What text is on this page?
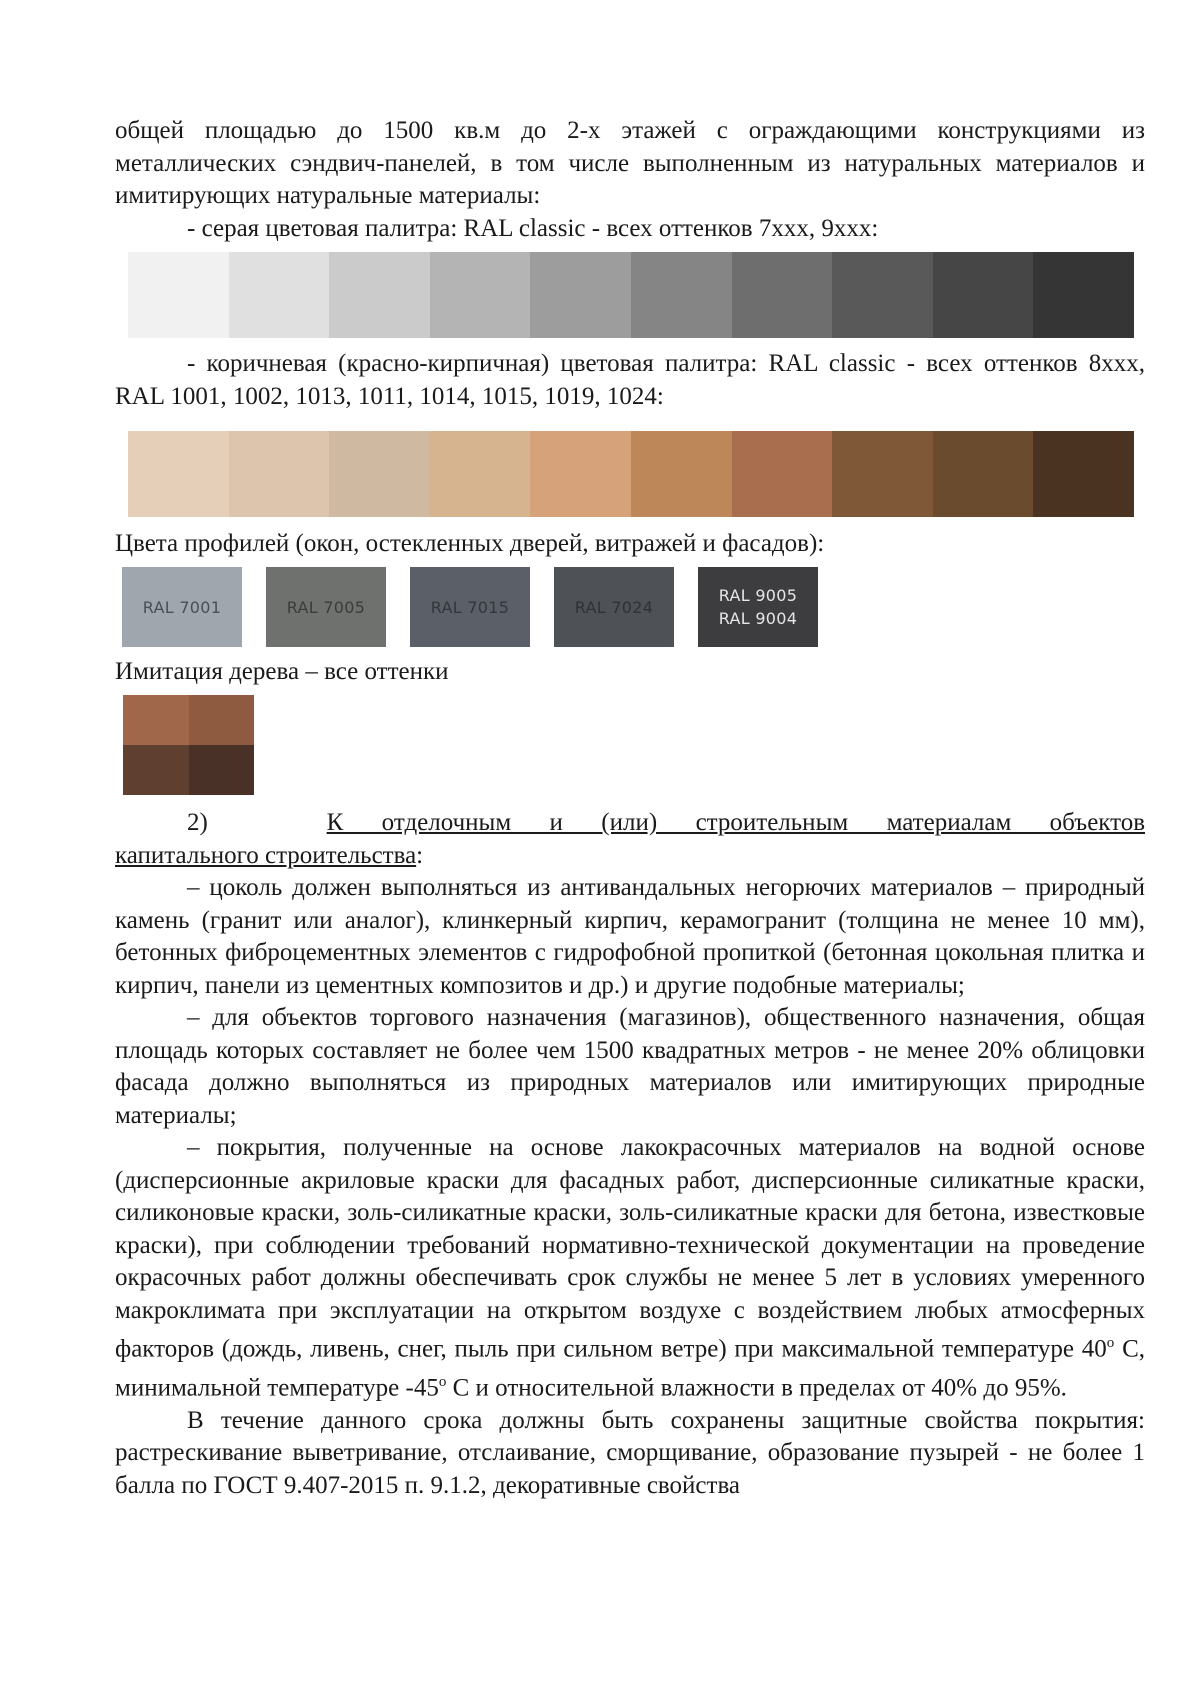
общей площадью до 1500 кв.м до 2-х этажей с ограждающими конструкциями из металлических сэндвич-панелей, в том числе выполненным из натуральных материалов и имитирующих натуральные материалы:

- серая цветовая палитра: RAL classic - всех оттенков 7ххх, 9ххх:

- коричневая (красно-кирпичная) цветовая палитра: RAL classic - всех оттенков 8ххх, RAL 1001, 1002, 1013, 1011, 1014, 1015, 1019, 1024:

Цвета профилей (окон, остекленных дверей, витражей и фасадов):

RAL 7001	RAL 7005	RAL 7015	RAL 7024
RAL 9005
RAL 9004

Имитация дерева – все оттенки

2)	К отделочным и (или) строительным материалам объектов

капитального строительства:

– цоколь должен выполняться из антивандальных негорючих материалов – природный камень (гранит или аналог), клинкерный кирпич, керамогранит (толщина не менее 10 мм), бетонных фиброцементных элементов с гидрофобной пропиткой (бетонная цокольная плитка и кирпич, панели из цементных композитов и др.) и другие подобные материалы;

– для объектов торгового назначения (магазинов), общественного назначения, общая площадь которых составляет не более чем 1500 квадратных метров - не менее 20% облицовки фасада должно выполняться из природных материалов или имитирующих природные материалы;

– покрытия, полученные на основе лакокрасочных материалов на водной основе (дисперсионные акриловые краски для фасадных работ, дисперсионные силикатные краски, силиконовые краски, золь-силикатные краски, золь-силикатные краски для бетона, известковые краски), при соблюдении требований нормативно-технической документации на проведение окрасочных работ должны обеспечивать срок службы не менее 5 лет в условиях умеренного макроклимата при эксплуатации на открытом воздухе с воздействием любых атмосферных факторов (дождь, ливень, снег, пыль при сильном ветре) при максимальной температуре 40$^o$ С, минимальной температуре -45$^o$ С и относительной влажности в пределах от 40% до 95%.

В течение данного срока должны быть сохранены защитные свойства покрытия: растрескивание выветривание, отслаивание, сморщивание, образование пузырей - не более 1 балла по ГОСТ 9.407-2015 п. 9.1.2, декоративные свойства
